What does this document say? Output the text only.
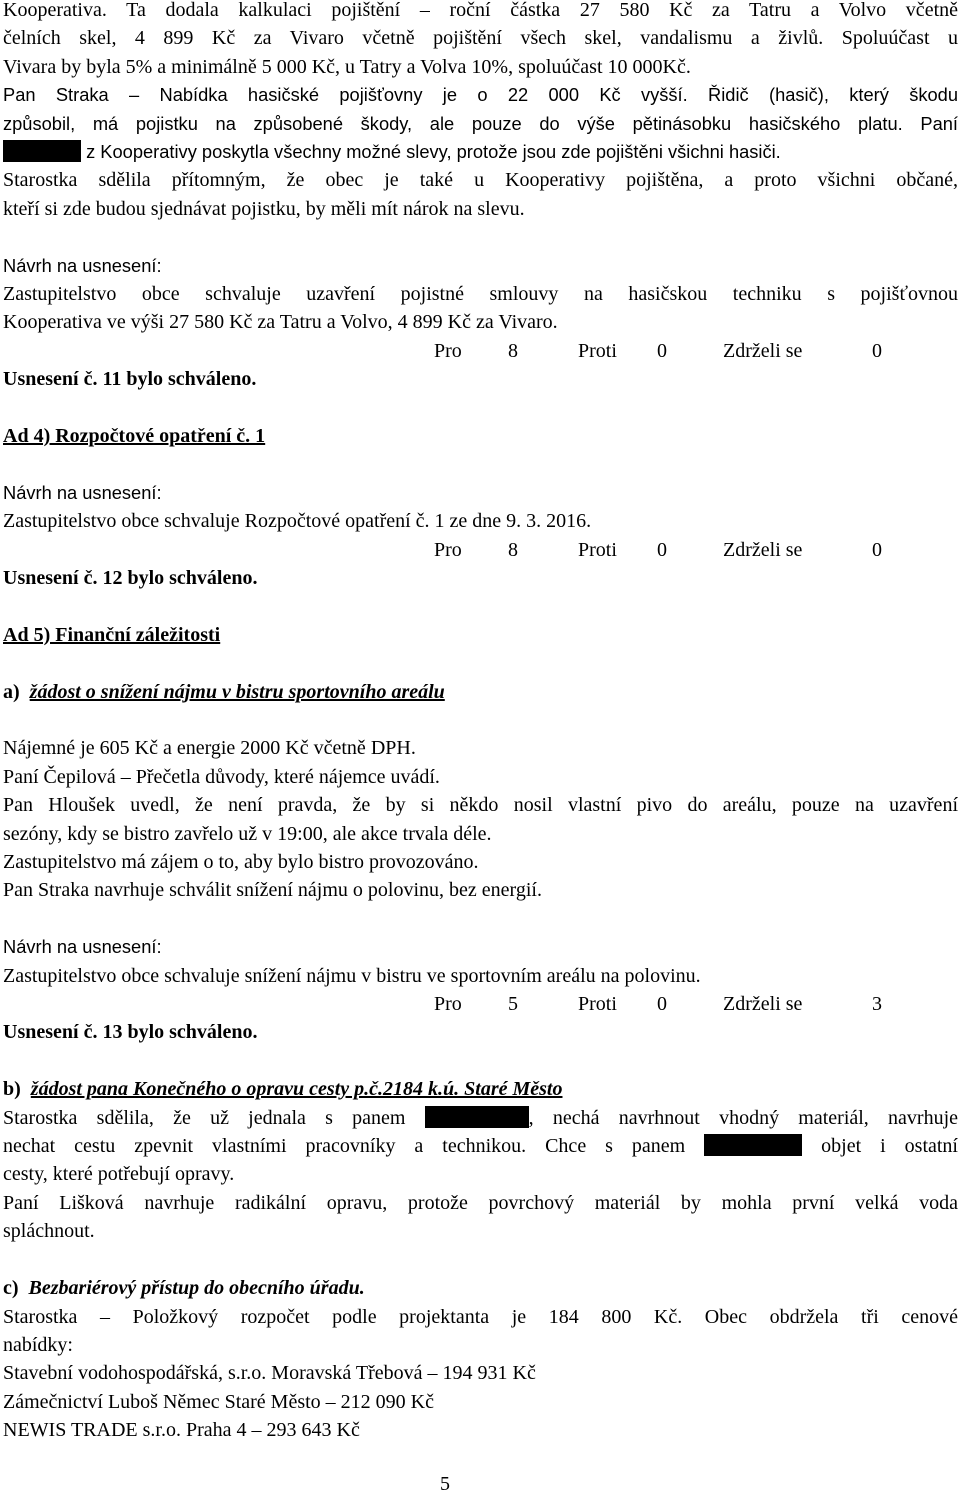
Kooperativa. Ta dodala kalkulaci pojištění – roční částka 27 580 Kč za Tatru a Volvo včetně

čelních skel, 4 899 Kč za Vivaro včetně pojištění všech skel, vandalismu a živlů. Spoluúčast u

Vivara by byla 5% a minimálně 5 000 Kč, u Tatry a Volva 10%, spoluúčast 10 000Kč.

Pan Straka – Nabídka hasičské pojišťovny je o 22 000 Kč vyšší. Řidič (hasič), který škodu

způsobil, má pojistku na způsobené škody, ale pouze do výše pětinásobku hasičského platu. Paní

z Kooperativy poskytla všechny možné slevy, protože jsou zde pojištěni všichni hasiči.

Starostka sdělila přítomným, že obec je také u Kooperativy pojištěna, a proto všichni občané,

kteří si zde budou sjednávat pojistku, by měli mít nárok na slevu.

Návrh na usnesení:

Zastupitelstvo obce schvaluje uzavření pojistné smlouvy na hasičskou techniku s pojišťovnou

Kooperativa ve výši 27 580 Kč za Tatru a Volvo, 4 899 Kč za Vivaro.

Pro 8	Proti 0	Zdrželi se	0

Usnesení č. 11 bylo schváleno.

Ad 4) Rozpočtové opatření č. 1

Návrh na usnesení:

Zastupitelstvo obce schvaluje Rozpočtové opatření č. 1 ze dne 9. 3. 2016.

Pro 8	Proti 0	Zdrželi se	0

Usnesení č. 12 bylo schváleno.

Ad 5) Finanční záležitosti

a) žádost o snížení nájmu v bistru sportovního areálu

Nájemné je 605 Kč a energie 2000 Kč včetně DPH.

Paní Čepilová – Přečetla důvody, které nájemce uvádí.

Pan Hloušek uvedl, že není pravda, že by si někdo nosil vlastní pivo do areálu, pouze na uzavření

sezóny, kdy se bistro zavřelo už v 19:00, ale akce trvala déle.

Zastupitelstvo má zájem o to, aby bylo bistro provozováno.

Pan Straka navrhuje schválit snížení nájmu o polovinu, bez energií.

Návrh na usnesení:

Zastupitelstvo obce schvaluje snížení nájmu v bistru ve sportovním areálu na polovinu.

Pro 5	Proti 0	Zdrželi se	3

Usnesení č. 13 bylo schváleno.

b) žádost pana Konečného o opravu cesty p.č.2184 k.ú. Staré Město

Starostka sdělila, že už jednala s panem	, nechá navrhnout vhodný materiál, navrhuje

nechat cestu zpevnit vlastními pracovníky a technikou. Chce s panem	objet i ostatní

cesty, které potřebují opravy.

Paní Lišková navrhuje radikální opravu, protože povrchový materiál by mohla první velká voda

spláchnout.

c) Bezbariérový přístup do obecního úřadu.

Starostka – Položkový rozpočet podle projektanta je 184 800 Kč. Obec obdržela tři cenové

nabídky:

Stavební vodohospodářská, s.r.o. Moravská Třebová – 194 931 Kč

Zámečnictví Luboš Němec Staré Město – 212 090 Kč

NEWIS TRADE s.r.o. Praha 4 – 293 643 Kč

5
